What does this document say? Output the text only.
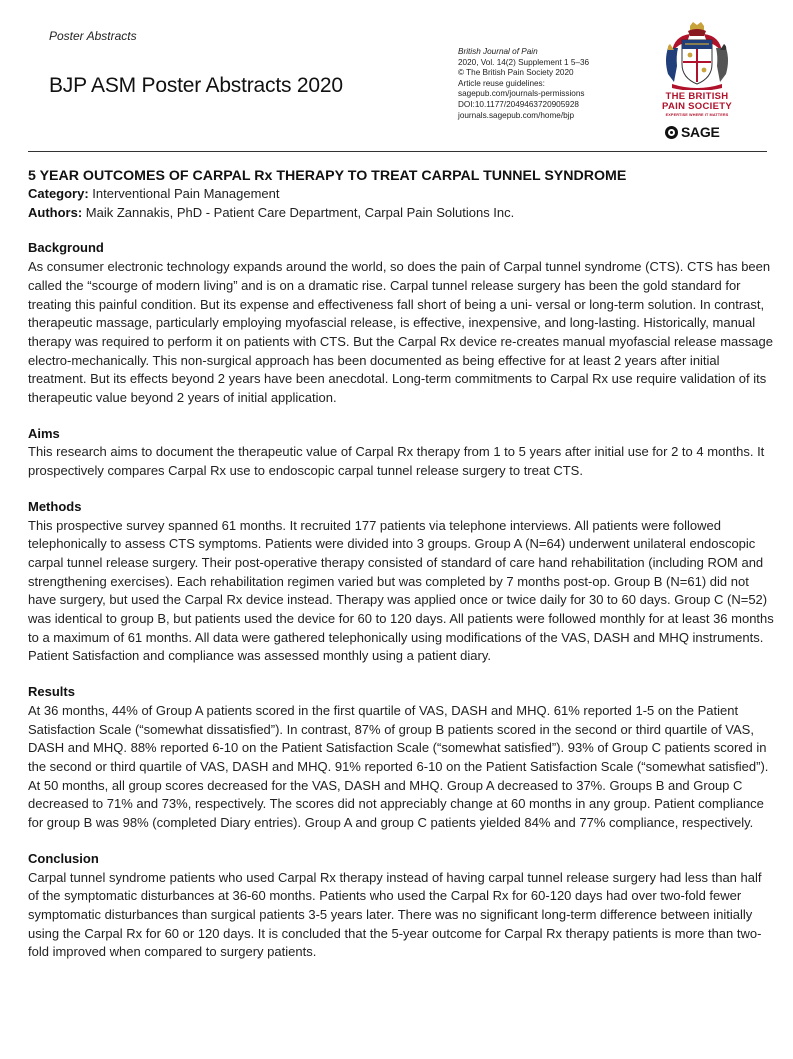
Poster Abstracts
BJP ASM Poster Abstracts 2020
British Journal of Pain
2020, Vol. 14(2) Supplement 1 5–36
© The British Pain Society 2020
Article reuse guidelines:
sagepub.com/journals-permissions
DOI:10.1177/2049463720905928
journals.sagepub.com/home/bjp
THE BRITISH
PAIN SOCIETY
EXPERTISE WHERE IT MATTERS
SAGE
5 YEAR OUTCOMES OF CARPAL Rx THERAPY TO TREAT CARPAL TUNNEL SYNDROME
Category: Interventional Pain Management
Authors: Maik Zannakis, PhD - Patient Care Department, Carpal Pain Solutions Inc.
Background

As consumer electronic technology expands around the world, so does the pain of Carpal tunnel syndrome (CTS). CTS has been called the “scourge of modern living” and is on a dramatic rise. Carpal tunnel release surgery has been the gold standard for treating this painful condition. But its expense and effectiveness fall short of being a uni- versal or long-term solution. In contrast, therapeutic massage, particularly employing myofascial release, is effective, inexpensive, and long-lasting. Historically, manual therapy was required to perform it on patients with CTS. But the Carpal Rx device re-creates manual myofascial release massage electro-mechanically. This non-surgical approach has been documented as being effective for at least 2 years after initial treatment. But its effects beyond 2 years have been anecdotal. Long-term commitments to Carpal Rx use require validation of its therapeutic value beyond 2 years of initial application.

Aims

This research aims to document the therapeutic value of Carpal Rx therapy from 1 to 5 years after initial use for 2 to 4 months. It prospectively compares Carpal Rx use to endoscopic carpal tunnel release surgery to treat CTS.

Methods

This prospective survey spanned 61 months. It recruited 177 patients via telephone interviews. All patients were followed telephonically to assess CTS symptoms. Patients were divided into 3 groups. Group A (N=64) underwent unilateral endoscopic carpal tunnel release surgery. Their post-operative therapy consisted of standard of care hand rehabilitation (including ROM and strengthening exercises). Each rehabilitation regimen varied but was completed by 7 months post-op. Group B (N=61) did not have surgery, but used the Carpal Rx device instead. Therapy was applied once or twice daily for 30 to 60 days. Group C (N=52) was identical to group B, but patients used the device for 60 to 120 days. All patients were followed monthly for at least 36 months to a maximum of 61 months. All data were gathered telephonically using modifications of the VAS, DASH and MHQ instruments. Patient Satisfaction and compliance was assessed monthly using a patient diary.

Results

At 36 months, 44% of Group A patients scored in the first quartile of VAS, DASH and MHQ. 61% reported 1-5 on the Patient Satisfaction Scale (“somewhat dissatisfied”). In contrast, 87% of group B patients scored in the second or third quartile of VAS, DASH and MHQ. 88% reported 6-10 on the Patient Satisfaction Scale (“somewhat satisfied”). 93% of Group C patients scored in the second or third quartile of VAS, DASH and MHQ. 91% reported 6-10 on the Patient Satisfaction Scale (“somewhat satisfied”). At 50 months, all group scores decreased for the VAS, DASH and MHQ. Group A decreased to 37%. Groups B and Group C decreased to 71% and 73%, respectively. The scores did not appreciably change at 60 months in any group. Patient compliance for group B was 98% (completed Diary entries). Group A and group C patients yielded 84% and 77% compliance, respectively.

Conclusion

Carpal tunnel syndrome patients who used Carpal Rx therapy instead of having carpal tunnel release surgery had less than half of the symptomatic disturbances at 36-60 months. Patients who used the Carpal Rx for 60-120 days had over two-fold fewer symptomatic disturbances than surgical patients 3-5 years later. There was no significant long-term difference between initially using the Carpal Rx for 60 or 120 days. It is concluded that the 5-year outcome for Carpal Rx therapy patients is more than two-fold improved when compared to surgery patients.
